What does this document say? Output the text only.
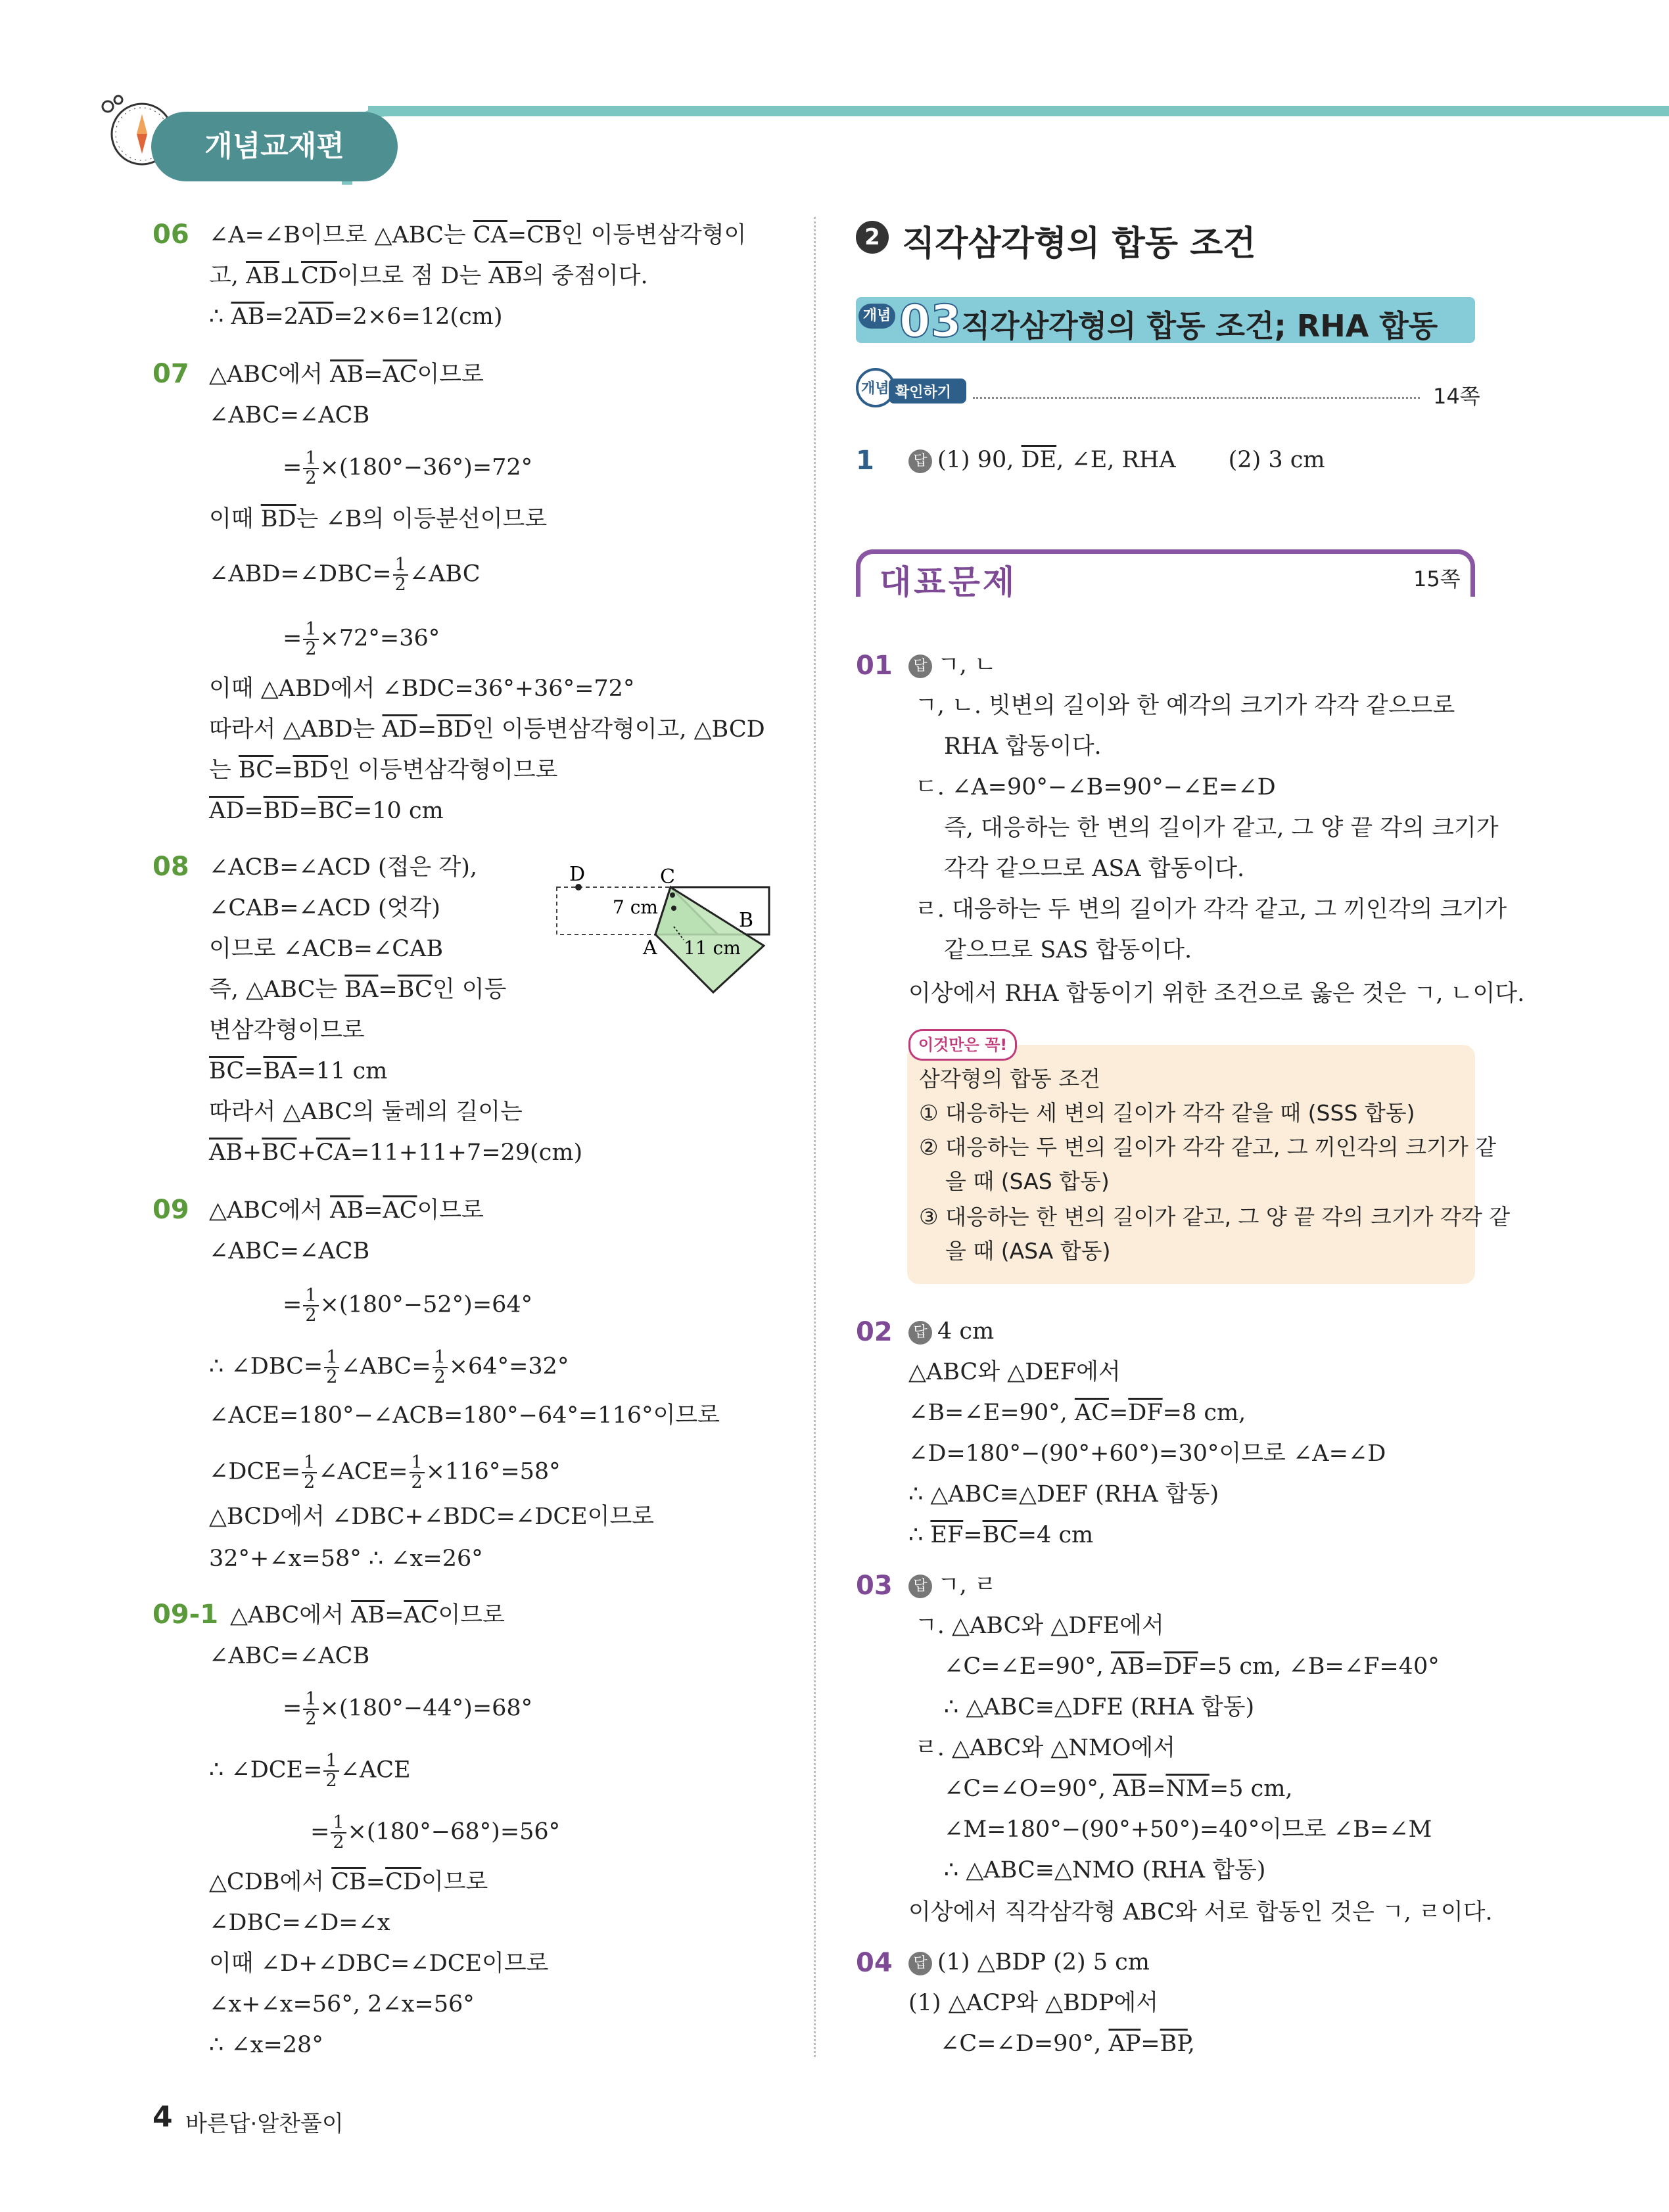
개념교재편
06 ∠A=∠B이므로 △ABC는 $\overline{CA}=\overline{CB}$인 이등변삼각형이
고, $\overline{AB}\perp\overline{CD}$이므로 점 D는 $\overline{AB}$의 중점이다.
∴ $\overline{AB}=2\overline{AD}=2\times 6=12(cm)$
07 △ABC에서 $\overline{AB}=\overline{AC}$이므로
∠ABC=∠ACB
= $\frac{1}{2} \times(180^\circ-36^\circ)=72^\circ$
이때 $\overline{BD}$는 ∠B의 이등분선이므로
∠ABD=∠DBC= $\frac{1}{2}$ ∠ABC
= $\frac{1}{2} \times 72^\circ=36^\circ$
이때 △ABD에서 ∠BDC=36°+36°=72°
따라서 △ABD는 $\overline{AD}=\overline{BD}$인 이등변삼각형이고, △BCD
는 $\overline{BC}=\overline{BD}$인 이등변삼각형이므로
$\overline{AD}=\overline{BD}=\overline{BC}=10$ cm
08 ∠ACB=∠ACD (접은 각),
∠CAB=∠ACD (엇각)
이므로 ∠ACB=∠CAB
즉, △ABC는 $\overline{BA}=\overline{BC}$인 이등
변삼각형이므로
$\overline{BC}=\overline{BA}=11$ cm
따라서 △ABC의 둘레의 길이는
$\overline{AB}+\overline{BC}+\overline{CA}=11+11+7=29(cm)$
D	C
B
A
7 cm
11 cm
09 △ABC에서 $\overline{AB}=\overline{AC}$이므로
∠ABC=∠ACB
= $\frac{1}{2} \times(180^\circ-52^\circ)=64^\circ$
∴ ∠DBC= $\frac{1}{2}$ ∠ABC= $\frac{1}{2} \times 64^\circ=32^\circ$
∠ACE=180°−∠ACB=180°−64°=116°이므로
∠DCE= $\frac{1}{2}$ ∠ACE= $\frac{1}{2} \times 116^\circ=58^\circ$
△BCD에서 ∠DBC+∠BDC=∠DCE이므로
32°+∠x=58° ∴ ∠x=26°
09-1 △ABC에서 $\overline{AB}=\overline{AC}$이므로
∠ABC=∠ACB
= $\frac{1}{2} \times(180^\circ-44^\circ)=68^\circ$
∴ ∠DCE= $\frac{1}{2}$ ∠ACE
= $\frac{1}{2} \times(180^\circ-68^\circ)=56^\circ$
△CDB에서 $\overline{CB}=\overline{CD}$이므로
∠DBC=∠D=∠x
이때 ∠D+∠DBC=∠DCE이므로
∠x+∠x=56°, 2∠x=56°
∴ ∠x=28°
2 직각삼각형의 합동 조건
개념 03 직각삼각형의 합동 조건; RHA 합동
개념 확인하기	14쪽
1	답 (1) 90, $\overline{DE}$, ∠E, RHA (2) 3 cm
대표문제	15쪽
01	답 ㄱ, ㄴ
ㄱ, ㄴ. 빗변의 길이와 한 예각의 크기가 각각 같으므로
RHA 합동이다.
ㄷ. ∠A=90°−∠B=90°−∠E=∠D
즉, 대응하는 한 변의 길이가 같고, 그 양 끝 각의 크기가
각각 같으므로 ASA 합동이다.
ㄹ. 대응하는 두 변의 길이가 각각 같고, 그 끼인각의 크기가
같으므로 SAS 합동이다.
이상에서 RHA 합동이기 위한 조건으로 옳은 것은 ㄱ, ㄴ이다.
이것만은 꼭!
삼각형의 합동 조건
① 대응하는 세 변의 길이가 각각 같을 때 (SSS 합동)
② 대응하는 두 변의 길이가 각각 같고, 그 끼인각의 크기가 같
을 때 (SAS 합동)
③ 대응하는 한 변의 길이가 같고, 그 양 끝 각의 크기가 각각 같
을 때 (ASA 합동)
02	답 4 cm
△ABC와 △DEF에서
∠B=∠E=90°, $\overline{AC}=\overline{DF}=8$ cm,
∠D=180°−(90°+60°)=30°이므로 ∠A=∠D
∴ △ABC≡△DEF (RHA 합동)
∴ $\overline{EF}=\overline{BC}=4$ cm
03	답 ㄱ, ㄹ
ㄱ. △ABC와 △DFE에서
∠C=∠E=90°, $\overline{AB}=\overline{DF}=5$ cm, ∠B=∠F=40°
∴ △ABC≡△DFE (RHA 합동)
ㄹ. △ABC와 △NMO에서
∠C=∠O=90°, $\overline{AB}=\overline{NM}=5$ cm,
∠M=180°−(90°+50°)=40°이므로 ∠B=∠M
∴ △ABC≡△NMO (RHA 합동)
이상에서 직각삼각형 ABC와 서로 합동인 것은 ㄱ, ㄹ이다.
04	답 (1) △BDP (2) 5 cm
(1) △ACP와 △BDP에서
∠C=∠D=90°, $\overline{AP}=\overline{BP}$,
4 바른답·알찬풀이
